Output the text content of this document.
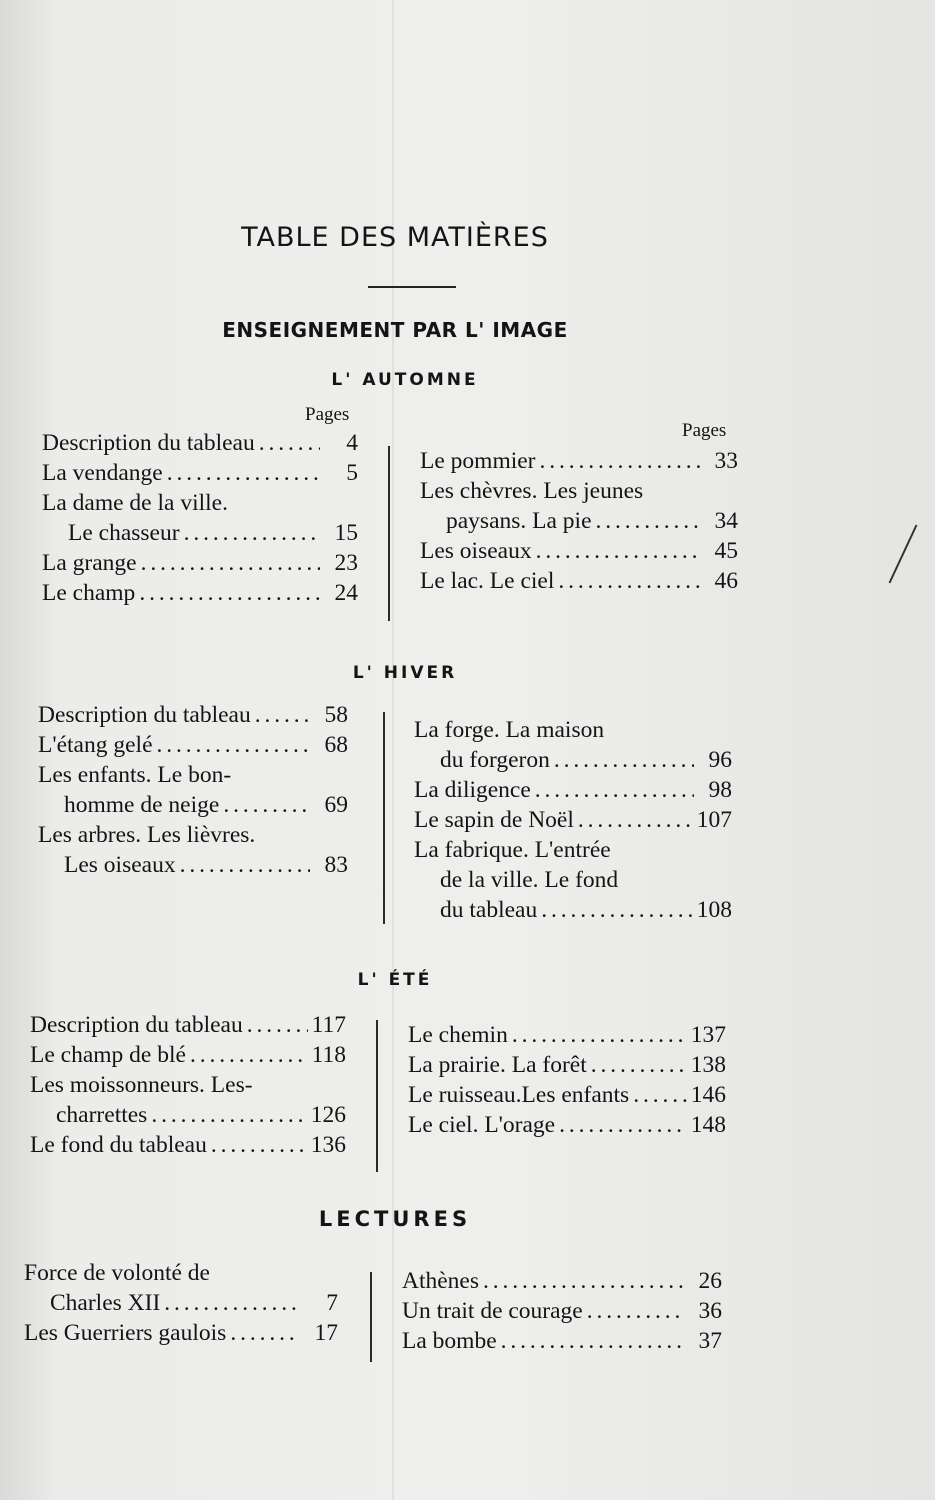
TABLE DES MATIÈRES
ENSEIGNEMENT PAR L' IMAGE
L' AUTOMNE
Pages
Pages
Description du tableau . . .	4
La vendange . . .	5
La dame de la ville.
Le chasseur . . .	15
La grange . . .	23
Le champ . . .	24
Le pommier . . .	33
Les chèvres. Les jeunes
paysans. La pie . . .	34
Les oiseaux . . .	45
Le lac. Le ciel . . .	46
L' HIVER
Description du tableau . . .	58
L'étang gelé . . .	68
Les enfants. Le bon-
homme de neige . . .	69
Les arbres. Les lièvres.
Les oiseaux . . .	83
La forge. La maison
du forgeron . . .	96
La diligence . . .	98
Le sapin de Noël . . .	107
La fabrique. L'entrée
de la ville. Le fond
du tableau . . .	108
L' ÉTÉ
Description du tableau . . .	117
Le champ de blé . . .	118
Les moissonneurs. Les-
charrettes . . .	126
Le fond du tableau . . .	136
Le chemin . . .	137
La prairie. La forêt . . .	138
Le ruisseau.Les enfants . . .	146
Le ciel. L'orage . . .	148
LECTURES
Force de volonté de
Charles XII . . .	7
Les Guerriers gaulois . . .	17
Athènes . . .	26
Un trait de courage . . .	36
La bombe . . .	37
